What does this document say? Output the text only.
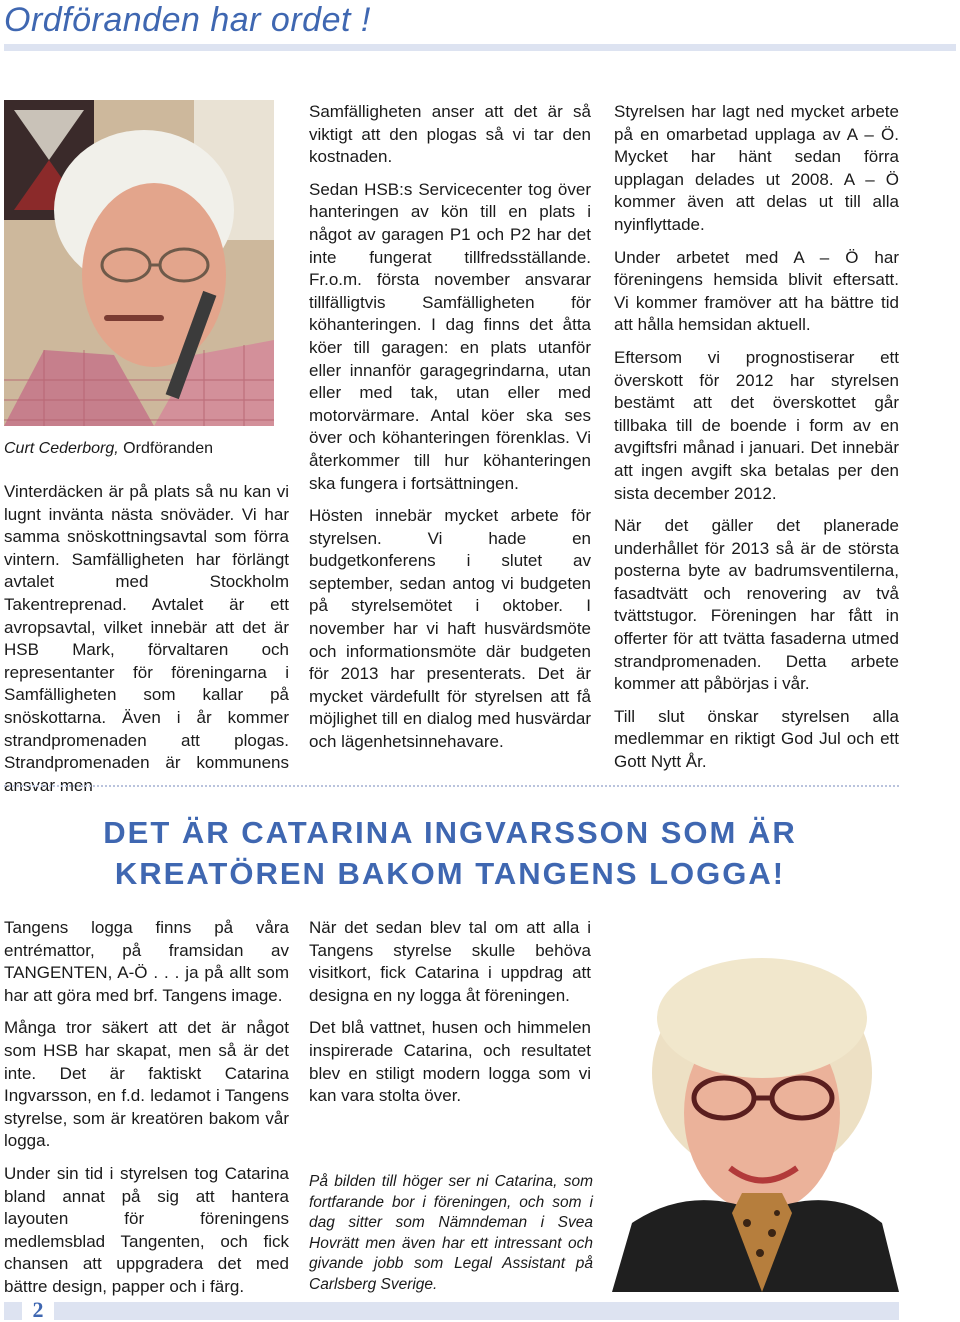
Ordföranden har ordet !
Curt Cederborg, Ordföranden

Vinterdäcken är på plats så nu kan vi lugnt invänta nästa snöväder. Vi har samma snöskottningsavtal som förra vintern. Samfälligheten har förlängt avtalet med Stockholm Takentreprenad. Avtalet är ett avropsavtal, vilket innebär att det är HSB Mark, förvaltaren och representanter för föreningarna i Samfälligheten som kallar på snöskottarna. Även i år kommer strandpromenaden att plogas. Strandpromenaden är kommunens ansvar men

Samfälligheten anser att det är så viktigt att den plogas så vi tar den kostnaden.

Sedan HSB:s Servicecenter tog över hanteringen av kön till en plats i något av garagen P1 och P2 har det inte fungerat tillfredsställande. Fr.o.m. första november ansvarar tillfälligtvis Samfälligheten för köhanteringen. I dag finns det åtta köer till garagen: en plats utanför eller innanför garagegrindarna, utan eller med tak, utan eller med motorvärmare. Antal köer ska ses över och köhanteringen förenklas. Vi återkommer till hur köhanteringen ska fungera i fortsättningen.

Hösten innebär mycket arbete för styrelsen. Vi hade en budgetkonferens i slutet av september, sedan antog vi budgeten på styrelsemötet i oktober. I november har vi haft husvärdsmöte och informationsmöte där budgeten för 2013 har presenterats. Det är mycket värdefullt för styrelsen att få möjlighet till en dialog med husvärdar och lägenhetsinnehavare.

Styrelsen har lagt ned mycket arbete på en omarbetad upplaga av A – Ö. Mycket har hänt sedan förra upplagan delades ut 2008. A – Ö kommer även att delas ut till alla nyinflyttade.

Under arbetet med A – Ö har föreningens hemsida blivit eftersatt. Vi kommer framöver att ha bättre tid att hålla hemsidan aktuell.

Eftersom vi prognostiserar ett överskott för 2012 har styrelsen bestämt att det överskottet går tillbaka till de boende i form av en avgiftsfri månad i januari. Det innebär att ingen avgift ska betalas per den sista december 2012.

När det gäller det planerade underhållet för 2013 så är de största posterna byte av badrumsventilerna, fasadtvätt och renovering av två tvättstugor. Föreningen har fått in offerter för att tvätta fasaderna utmed strandpromenaden. Detta arbete kommer att påbörjas i vår.

Till slut önskar styrelsen alla medlemmar en riktigt God Jul och ett Gott Nytt År.

DET ÄR CATARINA INGVARSSON SOM ÄR
KREATÖREN BAKOM TANGENS LOGGA!

Tangens logga finns på våra entrémattor, på framsidan av TANGENTEN, A-Ö . . . ja på allt som har att göra med brf. Tangens image.

Många tror säkert att det är något som HSB har skapat, men så är det inte. Det är faktiskt Catarina Ingvarsson, en f.d. ledamot i Tangens styrelse, som är kreatören bakom vår logga.

Under sin tid i styrelsen tog Catarina bland annat på sig att hantera layouten för föreningens medlemsblad Tangenten, och fick chansen att uppgradera det med bättre design, papper och i färg.

När det sedan blev tal om att alla i Tangens styrelse skulle behöva visitkort, fick Catarina i uppdrag att designa en ny logga åt föreningen.

Det blå vattnet, husen och himmelen inspirerade Catarina, och resultatet blev en stiligt modern logga som vi kan vara stolta över.

På bilden till höger ser ni Catarina, som fortfarande bor i föreningen, och som i dag sitter som Nämndeman i Svea Hovrätt men även har ett intressant och givande jobb som Legal Assistant på Carlsberg Sverige.
2
